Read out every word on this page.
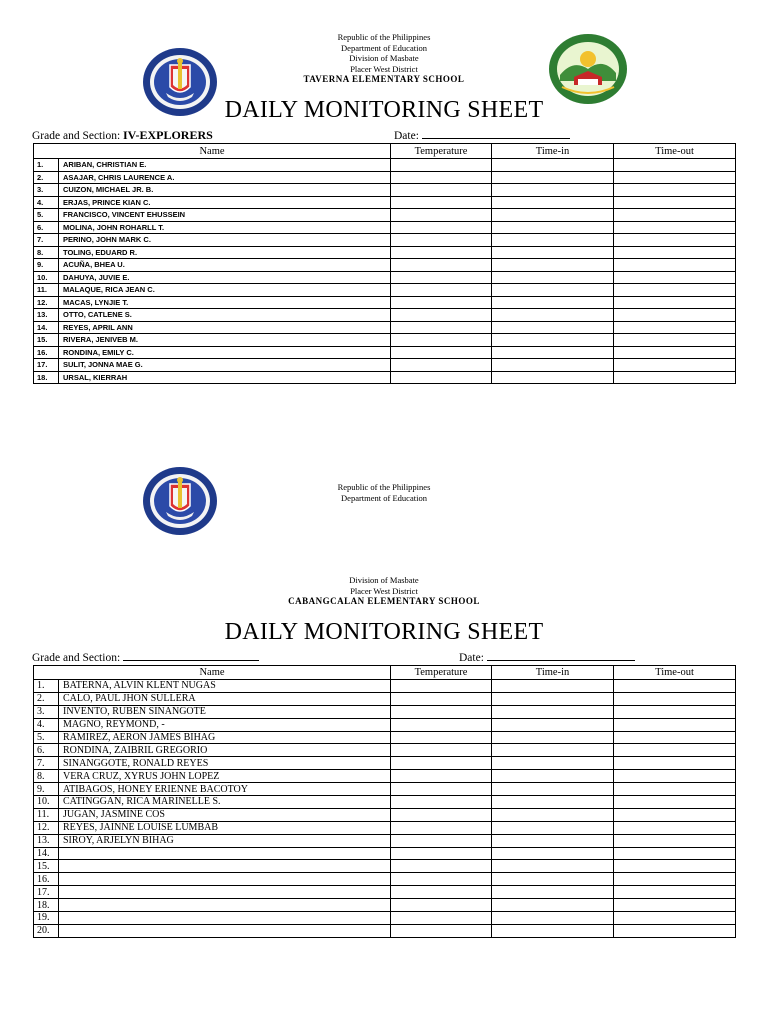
Republic of the Philippines
Department of Education
Division of Masbate
Placer West District
TAVERNA ELEMENTARY SCHOOL
DAILY MONITORING SHEET
Grade and Section: IV-EXPLORERS	Date:
Name		Temperature	Time-in	Time-out
1.	ARIBAN, CHRISTIAN E.			
2.	ASAJAR, CHRIS LAURENCE A.			
3.	CUIZON, MICHAEL JR. B.			
4.	ERJAS, PRINCE KIAN C.			
5.	FRANCISCO, VINCENT EHUSSEIN			
6.	MOLINA, JOHN ROHARLL T.			
7.	PERINO, JOHN MARK C.			
8.	TOLING, EDUARD R.			
9.	ACUÑA, BHEA U.			
10.	DAHUYA, JUVIE E.			
11.	MALAQUE, RICA JEAN C.			
12.	MACAS, LYNJIE T.			
13.	OTTO, CATLENE S.			
14.	REYES, APRIL ANN			
15.	RIVERA, JENIVEB M.			
16.	RONDINA, EMILY C.			
17.	SULIT, JONNA MAE G.			
18.	URSAL, KIERRAH			
Republic of the Philippines
Department of Education
Division of Masbate
Placer West District
CABANGCALAN ELEMENTARY SCHOOL
DAILY MONITORING SHEET
Grade and Section:	Date:
Name		Temperature	Time-in	Time-out
1.	BATERNA, ALVIN KLENT NUGAS			
2.	CALO, PAUL JHON SULLERA			
3.	INVENTO, RUBEN SINANGOTE			
4.	MAGNO, REYMOND, -			
5.	RAMIREZ, AERON JAMES BIHAG			
6.	RONDINA, ZAIBRIL GREGORIO			
7.	SINANGGOTE, RONALD REYES			
8.	VERA CRUZ, XYRUS JOHN LOPEZ			
9.	ATIBAGOS, HONEY ERIENNE BACOTOY			
10.	CATINGGAN, RICA MARINELLE S.			
11.	JUGAN, JASMINE COS			
12.	REYES, JAINNE LOUISE LUMBAB			
13.	SIROY, ARJELYN BIHAG			
14.				
15.				
16.				
17.				
18.				
19.				
20.				
